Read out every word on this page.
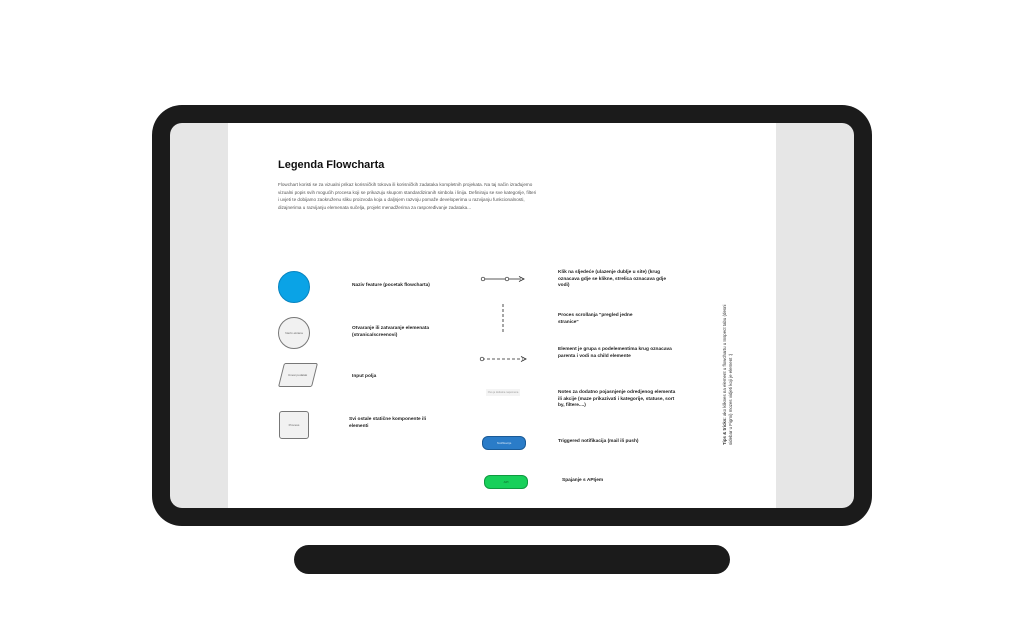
Legenda Flowcharta
Flowchart koristi se za vizualni prikaz korisničkih tokova ili korisničkih zadataka kompletnih projekata. Na taj način izrađujemo vizualni popis svih mogućih procesa koji se prikazuju skupom standardiziranih simbola i linija. Definiraju se sve kategorije, filteri i uvjeti te dobijamo zaokruženu sliku proizvoda koja u daljnjem razvoju pomaže developerima u razvijanju funkcionalnosti, dizajnerima u razvijanju elemenata sučelja, projekt menadžerima za raspoređivanje zadataka...
Naziv feature (pocetak flowcharta)
Naziv ekrana
Otvaranje ili zatvaranje elemenata (stranica/screenovi)
Unesi podatak	Input polja
Process
Svi ostale statične komponente ili elementi
Klik na sljedeće (ulazenje dublje u site) (krug oznacava gdje se klikne, strelica oznacava gdje vodi)
Proces scrollanja "pregled jedne stranice"
Element je grupa s podelementima krug oznacava parenta i vodi na child elemente
Ovo je dodatna napomena	Notes za dodatno pojasnjenje odredjenog elementa ili akcije (maze prikazivati i kategorije, statuse, sort by, filtere....)
Notifikacija	Triggered notifikacija (mail ili push)
API	Spajanje s APIjem
Tips & tricks: ako kliknes na element u flowchartu u Inspect tabu (desni sidebar u Figmi) mozes vidjeti koji je element :)
